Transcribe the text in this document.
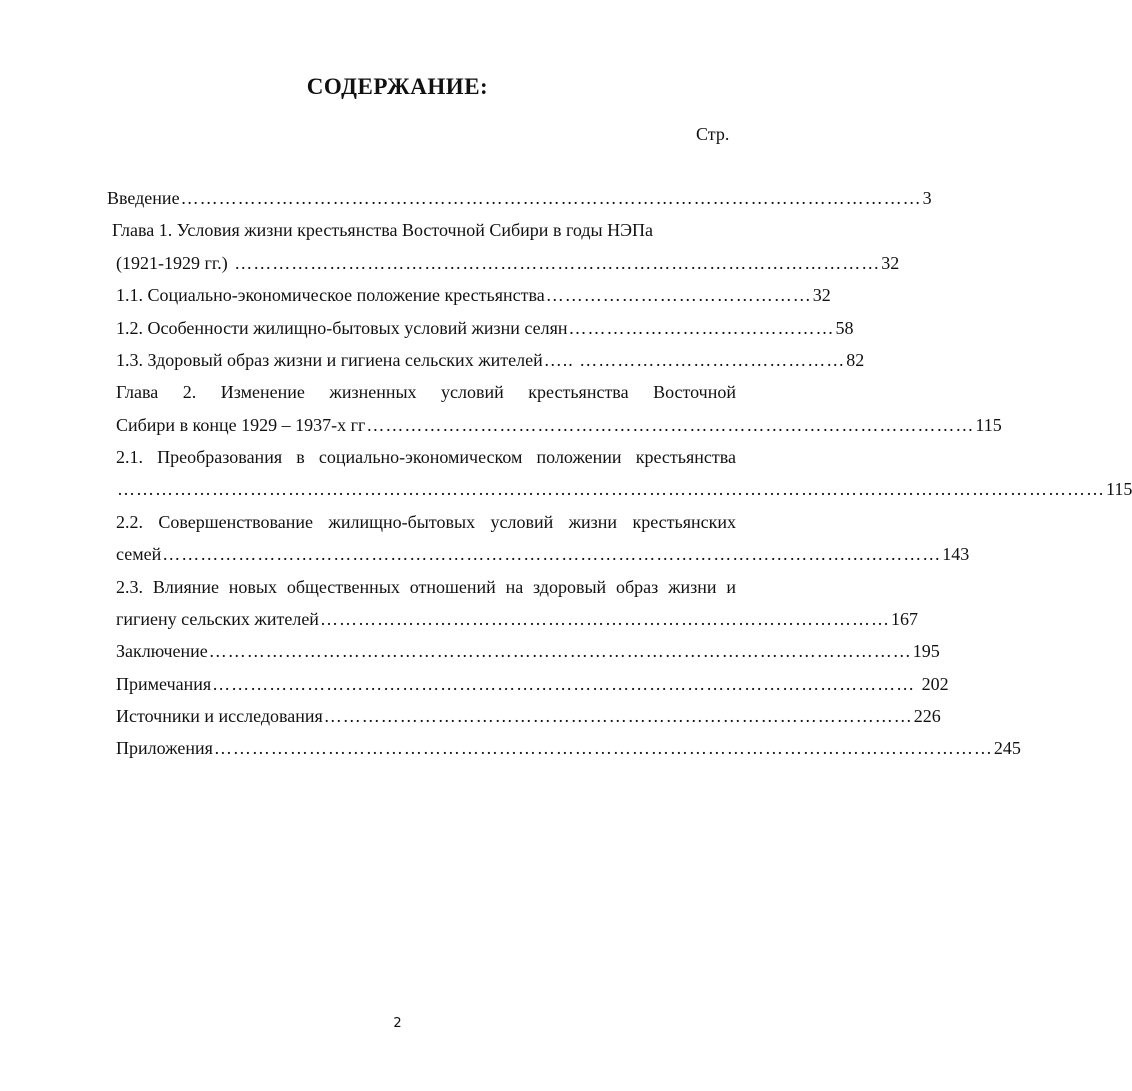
СОДЕРЖАНИЕ:
Стр.
Введение ……………………………………………………………………………………………………… 3
Глава 1. Условия жизни крестьянства Восточной Сибири в годы НЭПа
(1921-1929 гг.) ………………………………………………………………………………………… 32
1.1. Социально-экономическое положение крестьянства …………………………………… 32
1.2. Особенности жилищно-бытовых условий жизни селян …………………………………… 58
1.3. Здоровый образ жизни и гигиена сельских жителей ….. …………………………………… 82
Глава 2. Изменение жизненных условий крестьянства Восточной
Сибири в конце 1929 – 1937-х гг …………………………………………………………………………………… 115
2.1. Преобразования в социально-экономическом положении крестьянства
………………………………………………………………………………………………………………………………………… 115
2.2. Совершенствование жилищно-бытовых условий жизни крестьянских
семей …………………………………………………………………………………………………………… 143
2.3. Влияние новых общественных отношений на здоровый образ жизни и
гигиену сельских жителей ……………………………………………………………………………… 167
Заключение ………………………………………………………………………………………………… 195
Примечания ………………………………………………………………………………………………… 202
Источники и исследования ………………………………………………………………………………… 226
Приложения …………………………………………………………………………………………………………… 245
2
